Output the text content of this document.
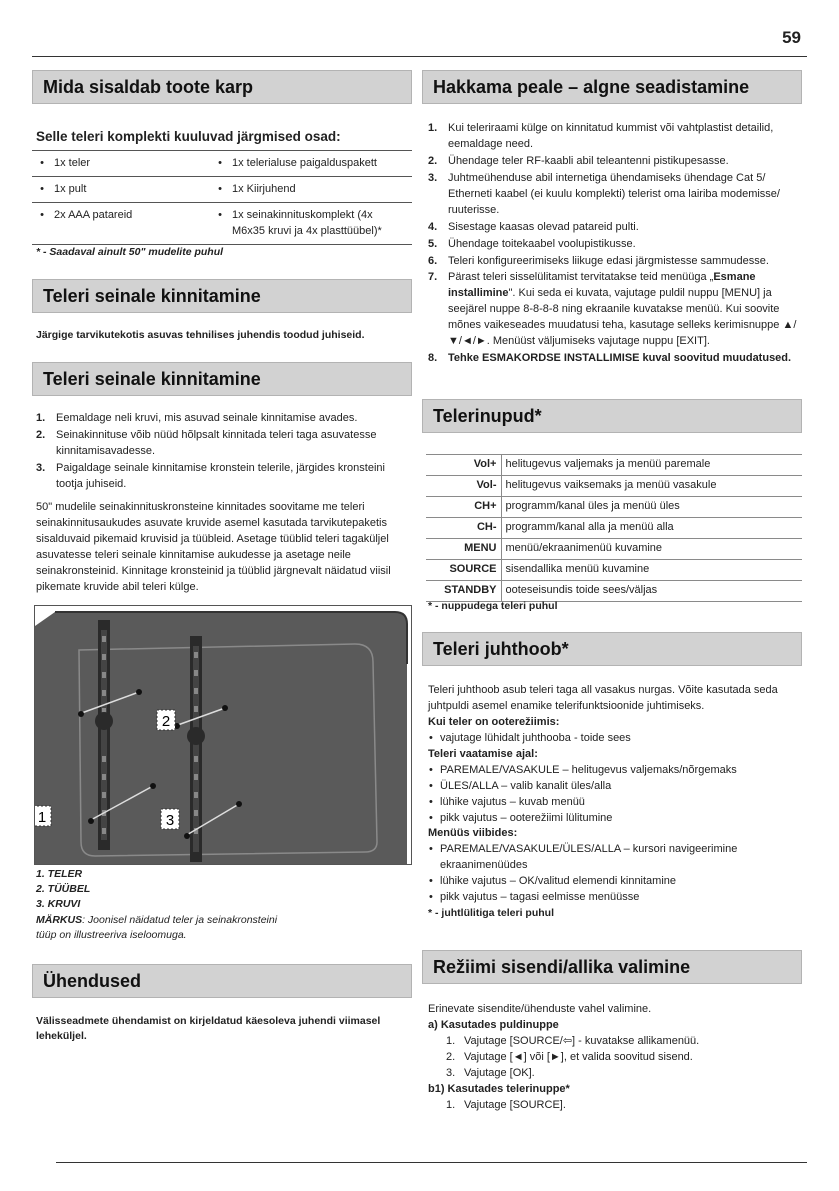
59
Mida sisaldab toote karp
Selle teleri komplekti kuuluvad järgmised osad:
•	1x teler	•	1x telerialuse paigalduspakett
•	1x pult	•	1x Kiirjuhend
•	2x AAA patareid	•	1x seinakinnituskomplekt (4x M6x35 kruvi ja 4x plasttüübel)*
* - Saadaval ainult 50" mudelite puhul
Teleri seinale kinnitamine
Järgige tarvikutekotis asuvas tehnilises juhendis toodud juhiseid.
Teleri seinale kinnitamine
1. Eemaldage neli kruvi, mis asuvad seinale kinnitamise avades.
2. Seinakinnituse võib nüüd hõlpsalt kinnitada teleri taga asuvatesse kinnitamisavadesse.
3. Paigaldage seinale kinnitamise kronstein telerile, järgides kronsteini tootja juhiseid.
50" mudelile seinakinnituskronsteine kinnitades soovitame me teleri seinakinnitusaukudes asuvate kruvide asemel kasutada tarvikutepaketis sisalduvaid pikemaid kruvisid ja tüübleid. Asetage tüüblid teleri tagaküljel asuvatesse teleri seinale kinnitamise aukudesse ja asetage neile seinakronsteinid. Kinnitage kronsteinid ja tüüblid järgnevalt näidatud viisil pikemate kruvide abil teleri külge.
1
2
3
1. TELER
2. TÜÜBEL
3. KRUVI
MÄRKUS: Joonisel näidatud teler ja seinakronsteini tüüp on illustreeriva iseloomuga.
Ühendused
Välisseadmete ühendamist on kirjeldatud käesoleva juhendi viimasel leheküljel.
Hakkama peale – algne seadistamine
1. Kui teleriraami külge on kinnitatud kummist või vahtplastist detailid, eemaldage need.
2. Ühendage teler RF-kaabli abil teleantenni pistikupesasse.
3. Juhtmeühenduse abil internetiga ühendamiseks ühendage Cat 5/ Etherneti kaabel (ei kuulu komplekti) telerist oma lairiba modemisse/ ruuterisse.
4. Sisestage kaasas olevad patareid pulti.
5. Ühendage toitekaabel voolupistikusse.
6. Teleri konfigureerimiseks liikuge edasi järgmistesse sammudesse.
7. Pärast teleri sisselülitamist tervitatakse teid menüüga „Esmane installimine". Kui seda ei kuvata, vajutage puldil nuppu [MENU] ja seejärel nuppe 8-8-8-8 ning ekraanile kuvatakse menüü. Kui soovite mõnes vaikeseades muudatusi teha, kasutage selleks kerimisnuppe ▲/▼/◄/►. Menüüst väljumiseks vajutage nuppu [EXIT].
8. Tehke ESMAKORDSE INSTALLIMISE kuval soovitud muudatused.
Telerinupud*
Vol+	helitugevus valjemaks ja menüü paremale
Vol-	helitugevus vaiksemaks ja menüü vasakule
CH+	programm/kanal üles ja menüü üles
CH-	programm/kanal alla ja menüü alla
MENU	menüü/ekraanimenüü kuvamine
SOURCE	sisendallika menüü kuvamine
STANDBY	ooteseisundis toide sees/väljas
* - nuppudega teleri puhul
Teleri juhthoob*
Teleri juhthoob asub teleri taga all vasakus nurgas. Võite kasutada seda juhtpuldi asemel enamike telerifunktsioonide juhtimiseks.
Kui teler on ooterežiimis:
• vajutage lühidalt juhthooba - toide sees
Teleri vaatamise ajal:
• PAREMALE/VASAKULE – helitugevus valjemaks/nõrgemaks
• ÜLES/ALLA – valib kanalit üles/alla
• lühike vajutus – kuvab menüü
• pikk vajutus – ooterežiimi lülitumine
Menüüs viibides:
• PAREMALE/VASAKULE/ÜLES/ALLA – kursori navigeerimine ekraanimenüüdes
• lühike vajutus – OK/valitud elemendi kinnitamine
• pikk vajutus – tagasi eelmisse menüüsse
* - juhtlülitiga teleri puhul
Režiimi sisendi/allika valimine
Erinevate sisendite/ühenduste vahel valimine.
a) Kasutades puldinuppe
1. Vajutage [SOURCE/⇦] - kuvatakse allikamenüü.
2. Vajutage [◄] või [►], et valida soovitud sisend.
3. Vajutage [OK].
b1) Kasutades telerinuppe*
1. Vajutage [SOURCE].
